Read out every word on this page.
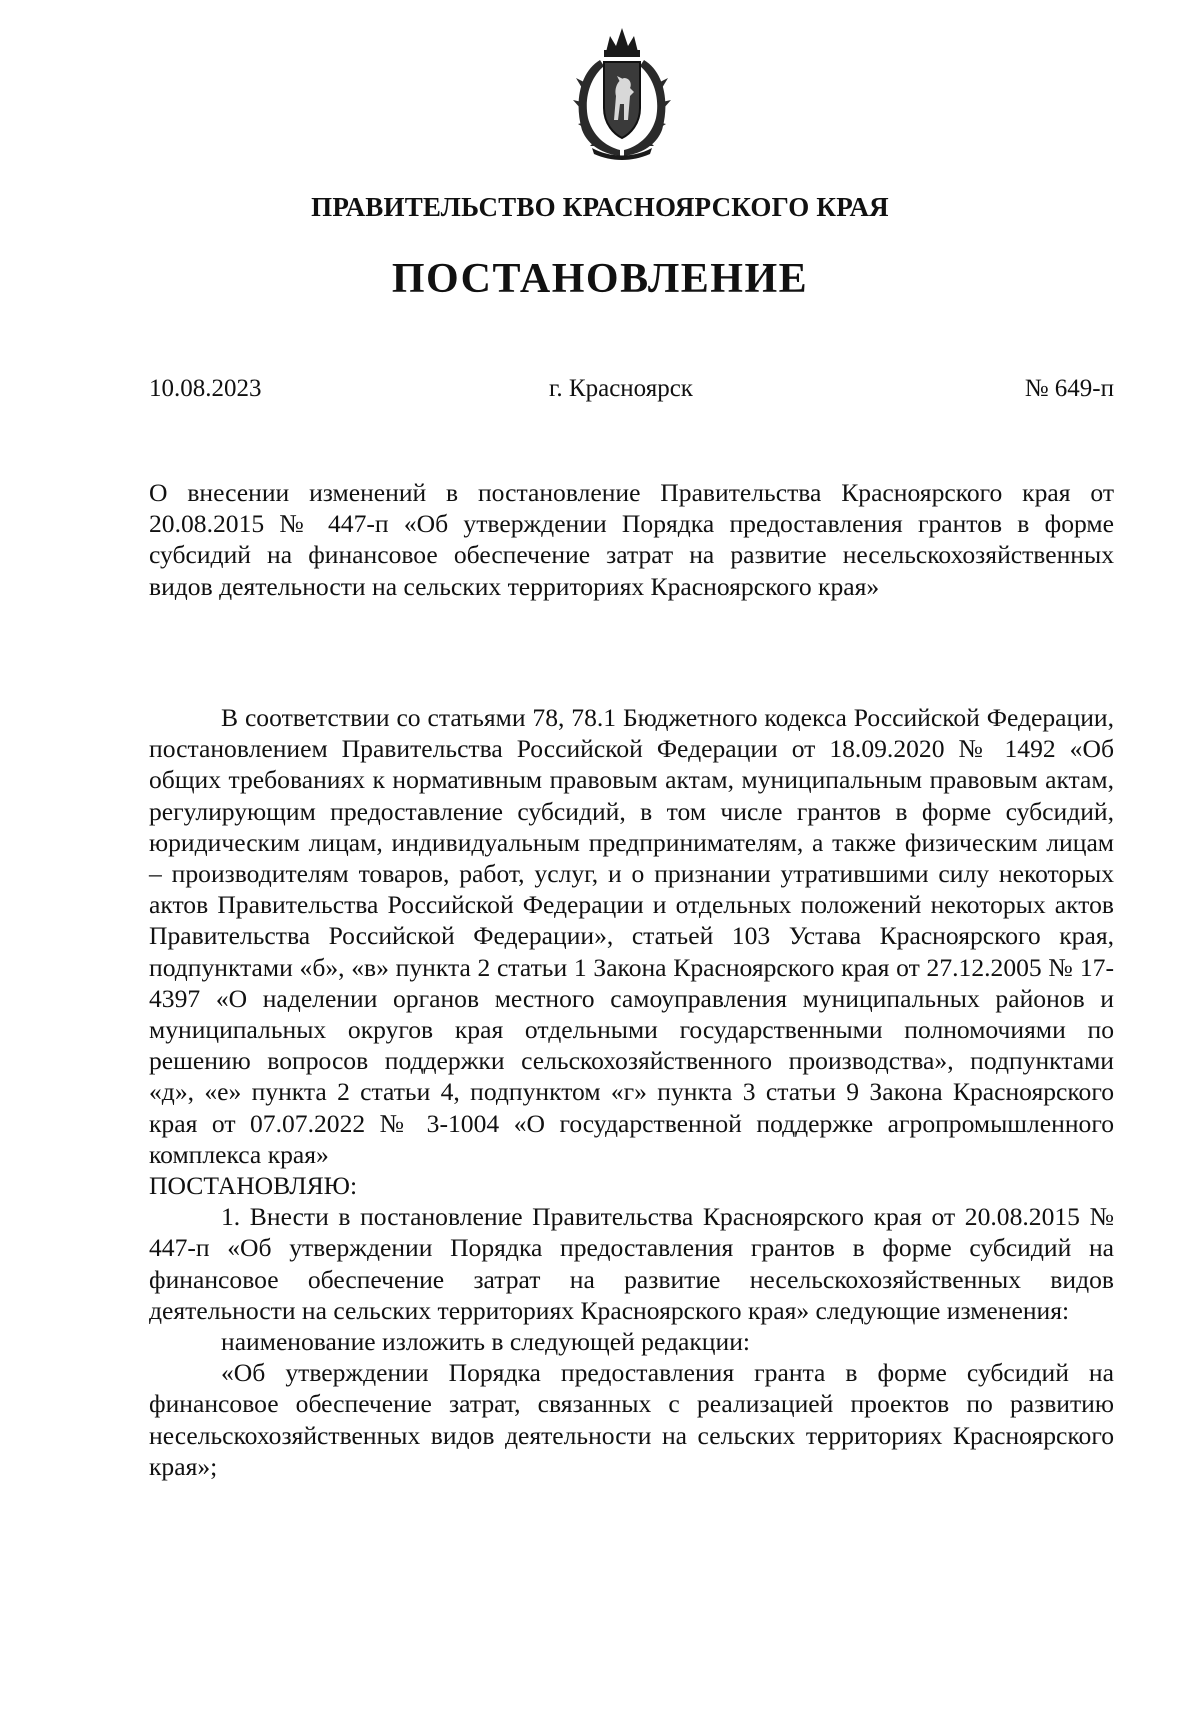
ПРАВИТЕЛЬСТВО КРАСНОЯРСКОГО КРАЯ
ПОСТАНОВЛЕНИЕ
10.08.2023	г. Красноярск	№ 649-п

О внесении изменений в постановление Правительства Красноярского края от 20.08.2015 № 447-п «Об утверждении Порядка предоставления грантов в форме субсидий на финансовое обеспечение затрат на развитие несельскохозяйственных видов деятельности на сельских территориях Красноярского края»

В соответствии со статьями 78, 78.1 Бюджетного кодекса Российской Федерации, постановлением Правительства Российской Федерации от 18.09.2020 № 1492 «Об общих требованиях к нормативным правовым актам, муниципальным правовым актам, регулирующим предоставление субсидий, в том числе грантов в форме субсидий, юридическим лицам, индивидуальным предпринимателям, а также физическим лицам – производителям товаров, работ, услуг, и о признании утратившими силу некоторых актов Правительства Российской Федерации и отдельных положений некоторых актов Правительства Российской Федерации», статьей 103 Устава Красноярского края, подпунктами «б», «в» пункта 2 статьи 1 Закона Красноярского края от 27.12.2005 № 17-4397 «О наделении органов местного самоуправления муниципальных районов и муниципальных округов края отдельными государственными полномочиями по решению вопросов поддержки сельскохозяйственного производства», подпунктами «д», «е» пункта 2 статьи 4, подпунктом «г» пункта 3 статьи 9 Закона Красноярского края от 07.07.2022 № 3-1004 «О государственной поддержке агропромышленного комплекса края»

ПОСТАНОВЛЯЮ:

1. Внести в постановление Правительства Красноярского края от 20.08.2015 № 447-п «Об утверждении Порядка предоставления грантов в форме субсидий на финансовое обеспечение затрат на развитие несельскохозяйственных видов деятельности на сельских территориях Красноярского края» следующие изменения:

наименование изложить в следующей редакции:

«Об утверждении Порядка предоставления гранта в форме субсидий на финансовое обеспечение затрат, связанных с реализацией проектов по развитию несельскохозяйственных видов деятельности на сельских территориях Красноярского края»;
